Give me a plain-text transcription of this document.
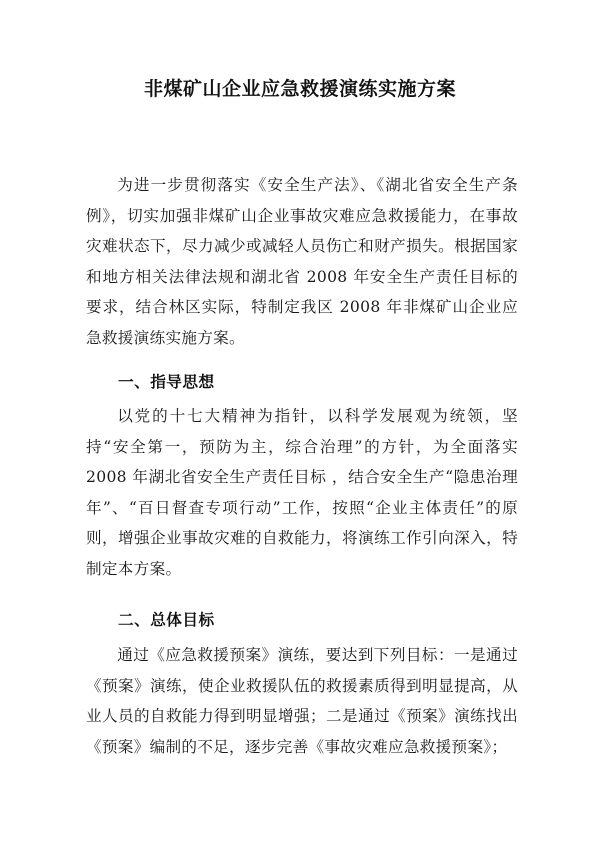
非煤矿山企业应急救援演练实施方案

为进一步贯彻落实《安全生产法》、《湖北省安全生产条例》，切实加强非煤矿山企业事故灾难应急救援能力，在事故灾难状态下，尽力减少或减轻人员伤亡和财产损失。根据国家和地方相关法律法规和湖北省 2008 年安全生产责任目标的要求，结合林区实际，特制定我区 2008 年非煤矿山企业应急救援演练实施方案。

一、指导思想

以党的十七大精神为指针，以科学发展观为统领，坚持“安全第一，预防为主，综合治理”的方针，为全面落实 2008 年湖北省安全生产责任目标 ，结合安全生产“隐患治理年”、“百日督查专项行动”工作，按照“企业主体责任”的原则，增强企业事故灾难的自救能力，将演练工作引向深入，特制定本方案。

二、总体目标

通过《应急救援预案》演练，要达到下列目标：一是通过《预案》演练，使企业救援队伍的救援素质得到明显提高，从业人员的自救能力得到明显增强；二是通过《预案》演练找出《预案》编制的不足，逐步完善《事故灾难应急救援预案》；
